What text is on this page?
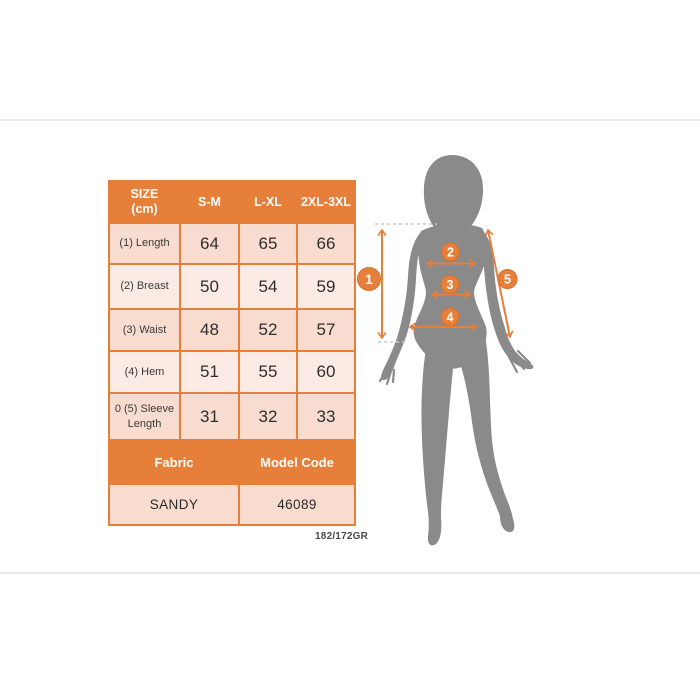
SIZE (cm)	S-M	L-XL	2XL-3XL
(1) Length	64	65	66
(2) Breast	50	54	59
(3) Waist	48	52	57
(4) Hem	51	55	60
0 (5) Sleeve Length	31	32	33
Fabric		Model Code	
SANDY		46089	
182/172GR
1
2
3
4
5
